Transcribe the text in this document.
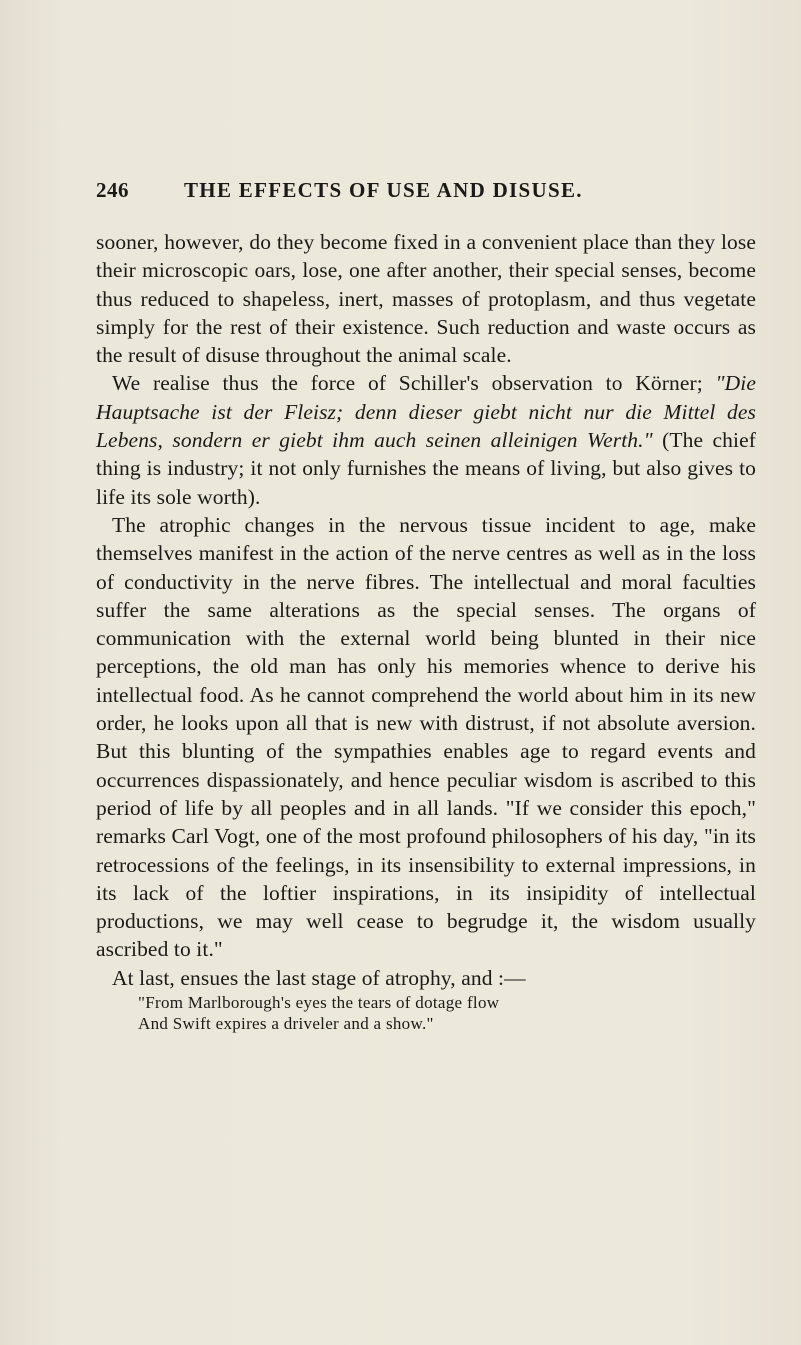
246	THE EFFECTS OF USE AND DISUSE.

sooner, however, do they become fixed in a convenient place than they lose their microscopic oars, lose, one after another, their special senses, become thus reduced to shapeless, inert, masses of protoplasm, and thus vegetate simply for the rest of their existence. Such reduction and waste occurs as the result of disuse throughout the animal scale.

We realise thus the force of Schiller's observation to Körner; "Die Hauptsache ist der Fleisz; denn dieser giebt nicht nur die Mittel des Lebens, sondern er giebt ihm auch seinen alleinigen Werth." (The chief thing is industry; it not only furnishes the means of living, but also gives to life its sole worth).

The atrophic changes in the nervous tissue incident to age, make themselves manifest in the action of the nerve centres as well as in the loss of conductivity in the nerve fibres. The intellectual and moral faculties suffer the same alterations as the special senses. The organs of communication with the external world being blunted in their nice perceptions, the old man has only his memories whence to derive his intellectual food. As he cannot comprehend the world about him in its new order, he looks upon all that is new with distrust, if not absolute aversion. But this blunting of the sympathies enables age to regard events and occurrences dispassionately, and hence peculiar wisdom is ascribed to this period of life by all peoples and in all lands. "If we consider this epoch," remarks Carl Vogt, one of the most profound philosophers of his day, "in its retrocessions of the feelings, in its insensibility to external impressions, in its lack of the loftier inspirations, in its insipidity of intellectual productions, we may well cease to begrudge it, the wisdom usually ascribed to it."

At last, ensues the last stage of atrophy, and :—

"From Marlborough's eyes the tears of dotage flow
And Swift expires a driveler and a show."
